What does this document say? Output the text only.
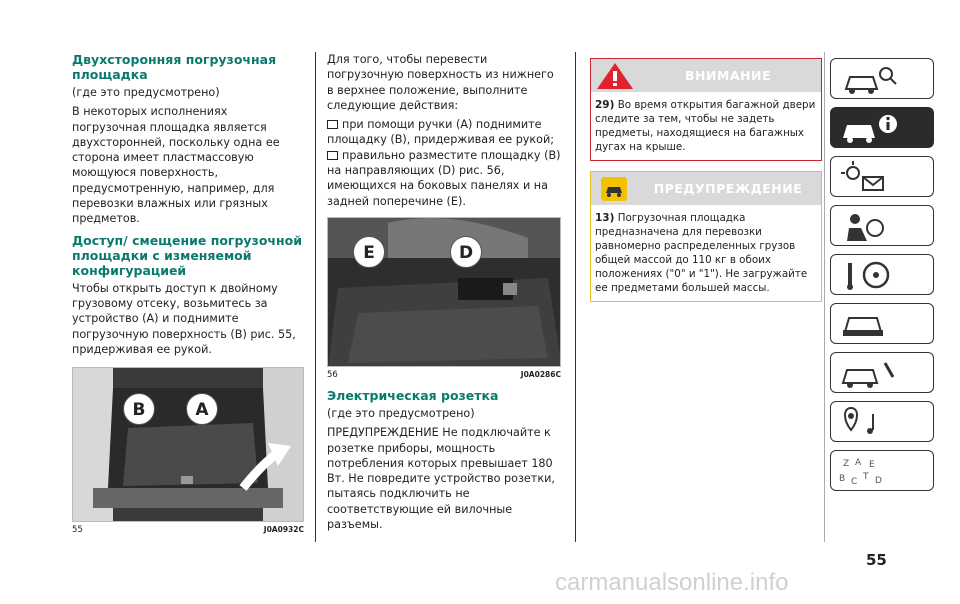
Двухсторонняя погрузочная площадка

(где это предусмотрено)

В некоторых исполнениях погрузочная площадка является двухсторонней, поскольку одна ее сторона имеет пластмассовую моющуюся поверхность, предусмотренную, например, для перевозки влажных или грязных предметов.

Доступ/ смещение погрузочной площадки с изменяемой конфигурацией

Чтобы открыть доступ к двойному грузовому отсеку, возьмитесь за устройство (A) и поднимите погрузочную поверхность (B) рис. 55, придерживая ее рукой.

B	A
55	J0A0932C

Для того, чтобы перевести погрузочную поверхность из нижнего в верхнее положение, выполните следующие действия:

при помощи ручки (A) поднимите площадку (B), придерживая ее рукой;

правильно разместите площадку (B) на направляющих (D) рис. 56, имеющихся на боковых панелях и на задней поперечине (E).

E	D
56	J0A0286C
Электрическая розетка

(где это предусмотрено)

ПРЕДУПРЕЖДЕНИЕ Не подключайте к розетке приборы, мощность потребления которых превышает 180 Вт. Не повредите устройство розетки, пытаясь подключить не соответствующие ей вилочные разъемы.

ВНИМАНИЕ
29) Во время открытия багажной двери следите за тем, чтобы не задеть предметы, находящиеся на багажных дугах на крыше.
ПРЕДУПРЕЖДЕНИЕ
13) Погрузочная площадка предназначена для перевозки равномерно распределенных грузов общей массой до 110 кг в обоих положениях ("0" и "1"). Не загружайте ее предметами большей массы.
Z A E
B C T D
55
carmanualsonline.info
